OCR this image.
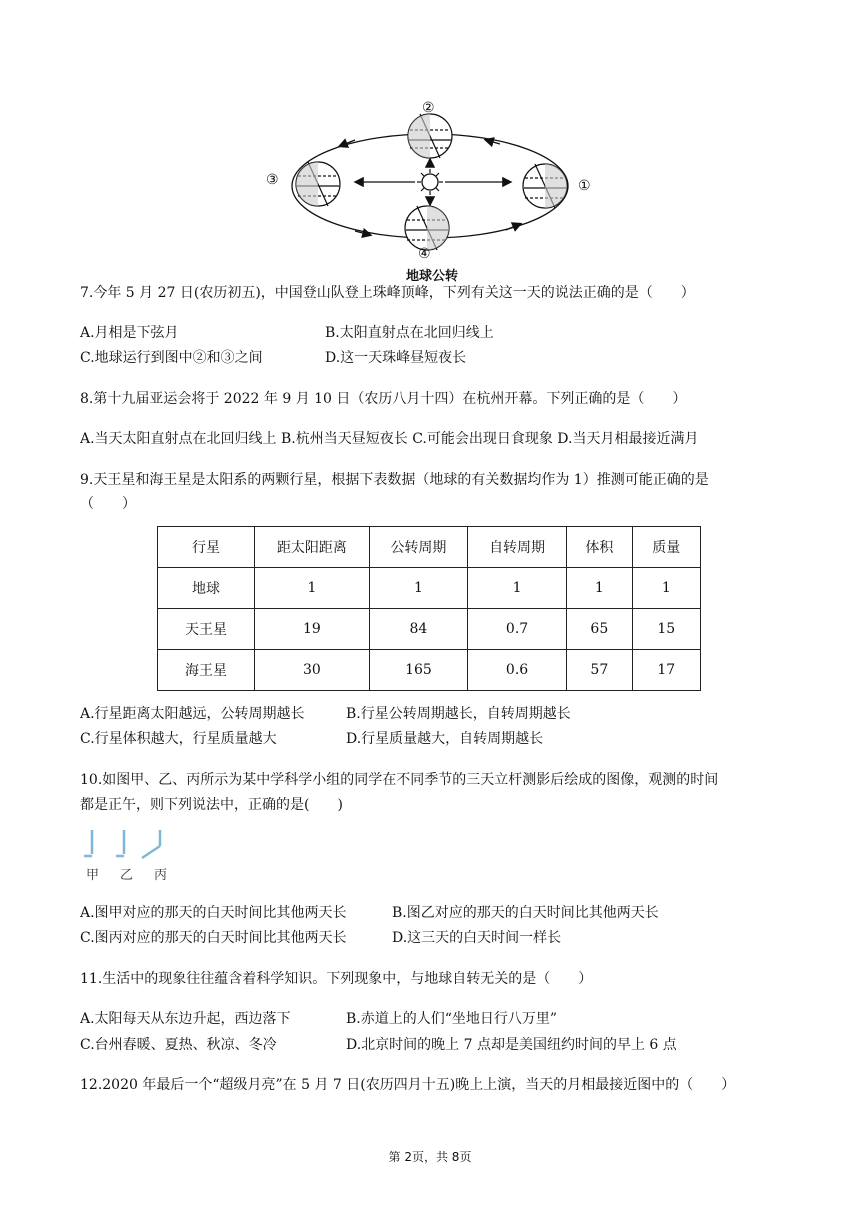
①
②
③
④
地球公转
7.今年 5 月 27 日(农历初五)，中国登山队登上珠峰顶峰，下列有关这一天的说法正确的是（　　）
A.月相是下弦月	B.太阳直射点在北回归线上
C.地球运行到图中②和③之间	D.这一天珠峰昼短夜长
8.第十九届亚运会将于 2022 年 9 月 10 日（农历八月十四）在杭州开幕。下列正确的是（　　）
A.当天太阳直射点在北回归线上 B.杭州当天昼短夜长 C.可能会出现日食现象 D.当天月相最接近满月
9.天王星和海王星是太阳系的两颗行星，根据下表数据（地球的有关数据均作为 1）推测可能正确的是
（　　）
行星	距太阳距离	公转周期	自转周期	体积	质量
地球	1	1	1	1	1
天王星	19	84	0.7	65	15
海王星	30	165	0.6	57	17
A.行星距离太阳越远，公转周期越长	B.行星公转周期越长，自转周期越长
C.行星体积越大，行星质量越大	D.行星质量越大，自转周期越长
10.如图甲、乙、丙所示为某中学科学小组的同学在不同季节的三天立杆测影后绘成的图像，观测的时间
都是正午，则下列说法中，正确的是(　　)
甲 乙 丙
A.图甲对应的那天的白天时间比其他两天长	B.图乙对应的那天的白天时间比其他两天长
C.图丙对应的那天的白天时间比其他两天长	D.这三天的白天时间一样长
11.生活中的现象往往蕴含着科学知识。下列现象中，与地球自转无关的是（　　）
A.太阳每天从东边升起，西边落下	B.赤道上的人们“坐地日行八万里”
C.台州春暖、夏热、秋凉、冬冷	D.北京时间的晚上 7 点却是美国纽约时间的早上 6 点
12.2020 年最后一个“超级月亮”在 5 月 7 日(农历四月十五)晚上上演，当天的月相最接近图中的（　　）
第 2页，共 8页
